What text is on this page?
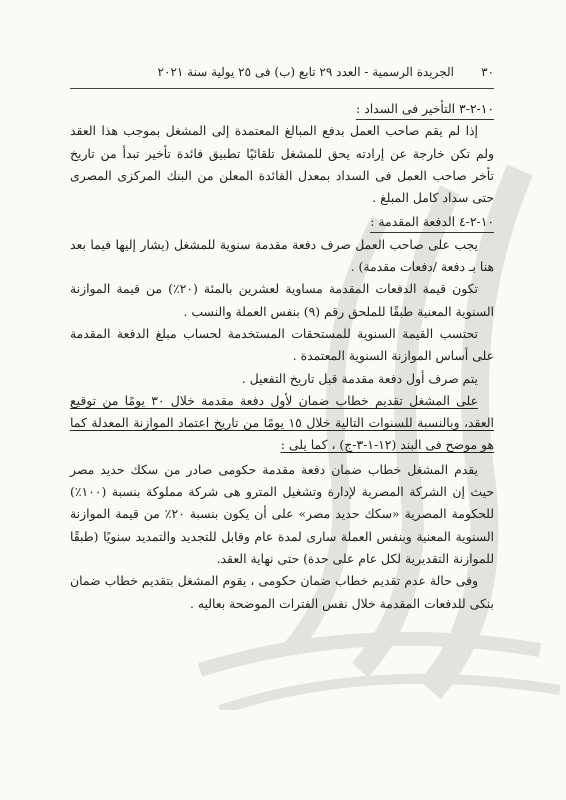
٣٠
الجريدة الرسمية - العدد ٢٩ تابع (ب) فى ٢٥ يولية سنة ٢٠٢١
١٠-٢-٣ التأخير فى السداد :

إذا لم يقم صاحب العمل بدفع المبالغ المعتمدة إلى المشغل بموجب هذا العقد ولم تكن خارجة عن إرادته يحق للمشغل تلقائيًا تطبيق فائدة تأخير تبدأ من تاريخ تأخر صاحب العمل فى السداد بمعدل الفائدة المعلن من البنك المركزى المصرى حتى سداد كامل المبلغ .

١٠-٢-٤ الدفعة المقدمة :

يجب على صاحب العمل صرف دفعة مقدمة سنوية للمشغل (يشار إليها فيما بعد هنا بـ دفعة /دفعات مقدمة) .

تكون قيمة الدفعات المقدمة مساوية لعشرين بالمئة (٢٠٪) من قيمة الموازنة السنوية المعنية طبقًا للملحق رقم (٩) بنفس العملة والنسب .

تحتسب القيمة السنوية للمستحقات المستخدمة لحساب مبلغ الدفعة المقدمة على أساس الموازنة السنوية المعتمدة .

يتم صرف أول دفعة مقدمة قبل تاريخ التفعيل .

على المشغل تقديم خطاب ضمان لأول دفعة مقدمة خلال ٣٠ يومًا من توقيع العقد، وبالنسبة للسنوات التالية خلال ١٥ يومًا من تاريخ اعتماد الموازنة المعدلة كما هو موضح فى البند (١٢-١-٣-ج) ، كما يلى :

يقدم المشغل خطاب ضمان دفعة مقدمة حكومى صادر من سكك حديد مصر حيث إن الشركة المصرية لإدارة وتشغيل المترو هى شركة مملوكة بنسبة (١٠٠٪) للحكومة المصرية «سكك حديد مصر» على أن يكون بنسبة ٢٠٪ من قيمة الموازنة السنوية المعنية وبنفس العملة سارى لمدة عام وقابل للتجديد والتمديد سنويًا (طبقًا للموازنة التقديرية لكل عام على حدة) حتى نهاية العقد.

وفى حالة عدم تقديم خطاب ضمان حكومى ، يقوم المشغل بتقديم خطاب ضمان بنكى للدفعات المقدمة خلال نفس الفترات الموضحة بعاليه .
